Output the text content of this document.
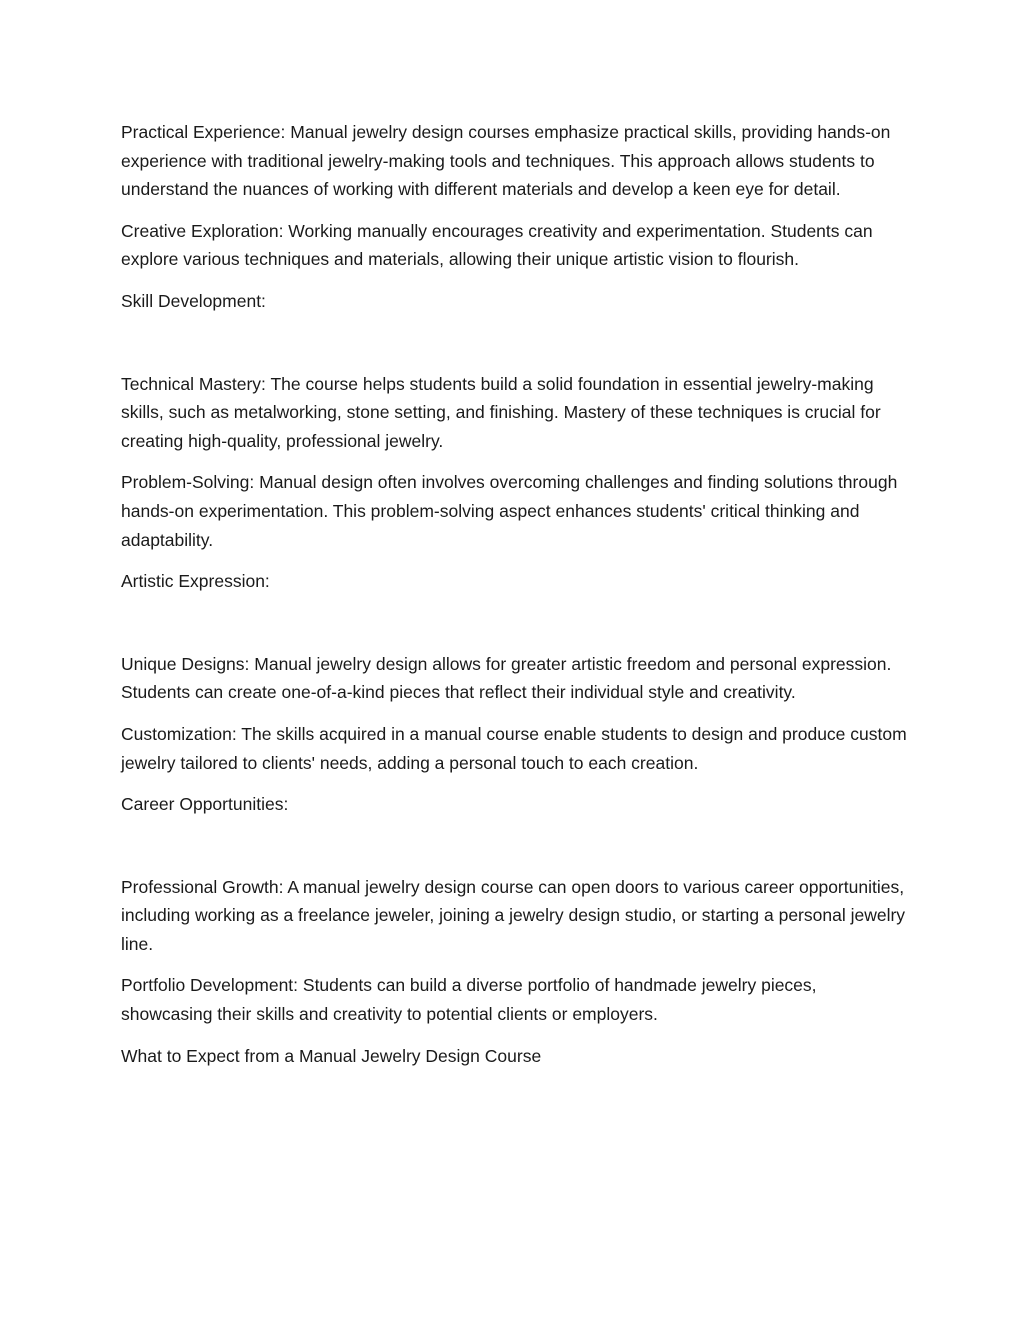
Practical Experience: Manual jewelry design courses emphasize practical skills, providing hands-on experience with traditional jewelry-making tools and techniques. This approach allows students to understand the nuances of working with different materials and develop a keen eye for detail.

Creative Exploration: Working manually encourages creativity and experimentation. Students can explore various techniques and materials, allowing their unique artistic vision to flourish.

Skill Development:

Technical Mastery: The course helps students build a solid foundation in essential jewelry-making skills, such as metalworking, stone setting, and finishing. Mastery of these techniques is crucial for creating high-quality, professional jewelry.

Problem-Solving: Manual design often involves overcoming challenges and finding solutions through hands-on experimentation. This problem-solving aspect enhances students' critical thinking and adaptability.

Artistic Expression:

Unique Designs: Manual jewelry design allows for greater artistic freedom and personal expression. Students can create one-of-a-kind pieces that reflect their individual style and creativity.

Customization: The skills acquired in a manual course enable students to design and produce custom jewelry tailored to clients' needs, adding a personal touch to each creation.

Career Opportunities:

Professional Growth: A manual jewelry design course can open doors to various career opportunities, including working as a freelance jeweler, joining a jewelry design studio, or starting a personal jewelry line.

Portfolio Development: Students can build a diverse portfolio of handmade jewelry pieces, showcasing their skills and creativity to potential clients or employers.

What to Expect from a Manual Jewelry Design Course
